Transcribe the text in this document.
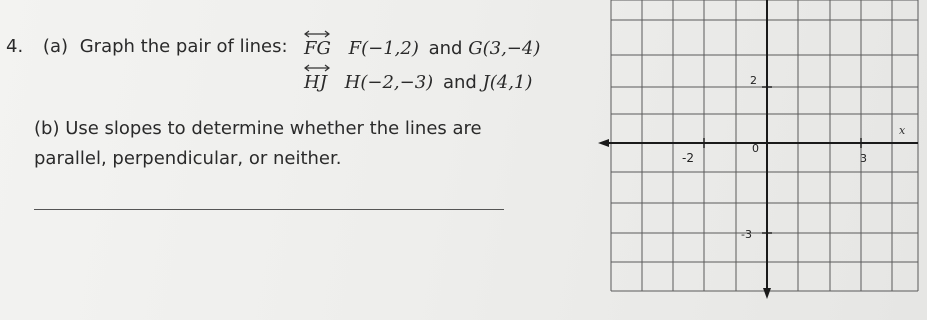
4. (a) Graph the pair of lines: FG F(−1,2) and G(3,−4)
HJ H(−2,−3) and J(4,1)
(b) Use slopes to determine whether the lines are
parallel, perpendicular, or neither.
x
-2
0
3
2
-3
